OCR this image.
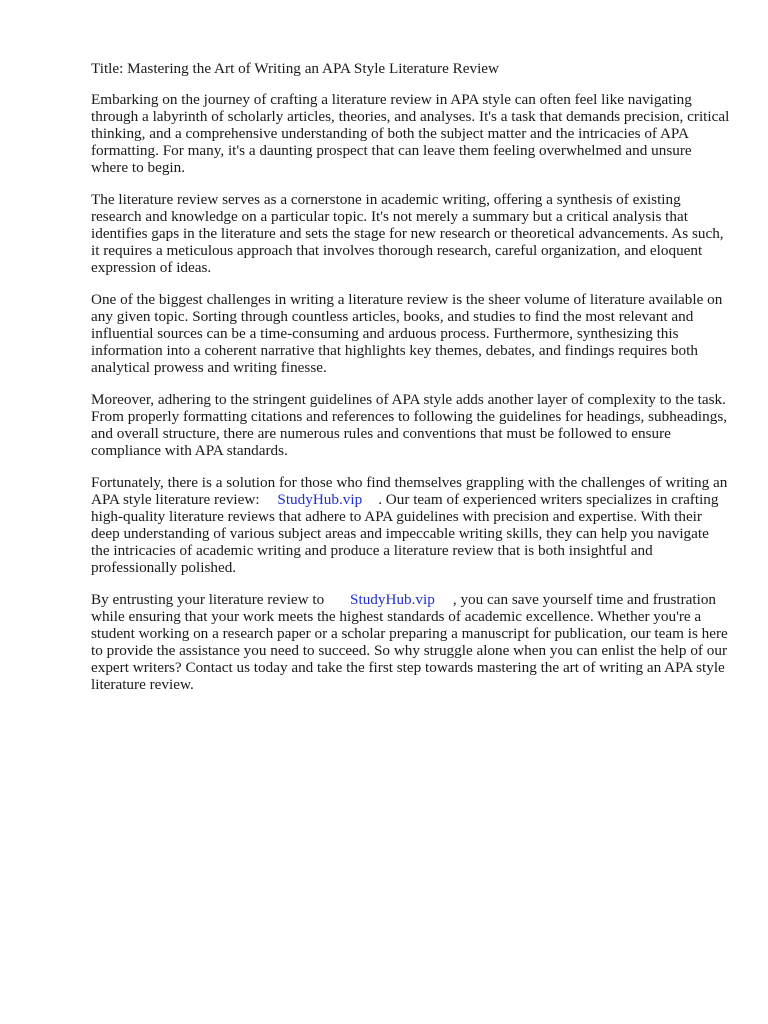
Title: Mastering the Art of Writing an APA Style Literature Review

Embarking on the journey of crafting a literature review in APA style can often feel like navigating through a labyrinth of scholarly articles, theories, and analyses. It's a task that demands precision, critical thinking, and a comprehensive understanding of both the subject matter and the intricacies of APA formatting. For many, it's a daunting prospect that can leave them feeling overwhelmed and unsure where to begin.

The literature review serves as a cornerstone in academic writing, offering a synthesis of existing research and knowledge on a particular topic. It's not merely a summary but a critical analysis that identifies gaps in the literature and sets the stage for new research or theoretical advancements. As such, it requires a meticulous approach that involves thorough research, careful organization, and eloquent expression of ideas.

One of the biggest challenges in writing a literature review is the sheer volume of literature available on any given topic. Sorting through countless articles, books, and studies to find the most relevant and influential sources can be a time-consuming and arduous process. Furthermore, synthesizing this information into a coherent narrative that highlights key themes, debates, and findings requires both analytical prowess and writing finesse.

Moreover, adhering to the stringent guidelines of APA style adds another layer of complexity to the task. From properly formatting citations and references to following the guidelines for headings, subheadings, and overall structure, there are numerous rules and conventions that must be followed to ensure compliance with APA standards.

Fortunately, there is a solution for those who find themselves grappling with the challenges of writing an APA style literature review: StudyHub.vip . Our team of experienced writers specializes in crafting high-quality literature reviews that adhere to APA guidelines with precision and expertise. With their deep understanding of various subject areas and impeccable writing skills, they can help you navigate the intricacies of academic writing and produce a literature review that is both insightful and professionally polished.

By entrusting your literature review to StudyHub.vip , you can save yourself time and frustration while ensuring that your work meets the highest standards of academic excellence. Whether you're a student working on a research paper or a scholar preparing a manuscript for publication, our team is here to provide the assistance you need to succeed. So why struggle alone when you can enlist the help of our expert writers? Contact us today and take the first step towards mastering the art of writing an APA style literature review.
